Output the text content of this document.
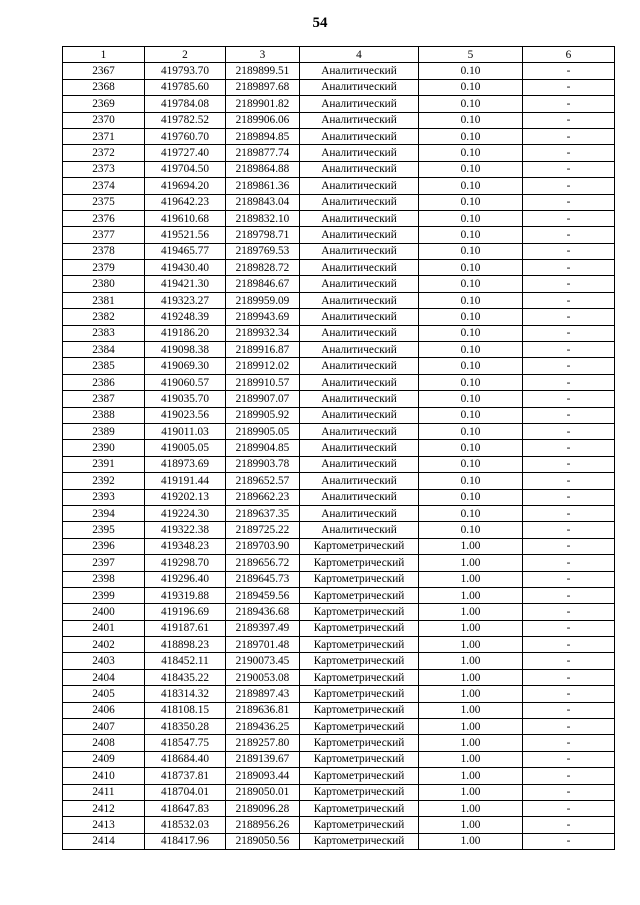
54
1	2	3	4	5	6
2367	419793.70	2189899.51	Аналитический	0.10	-
2368	419785.60	2189897.68	Аналитический	0.10	-
2369	419784.08	2189901.82	Аналитический	0.10	-
2370	419782.52	2189906.06	Аналитический	0.10	-
2371	419760.70	2189894.85	Аналитический	0.10	-
2372	419727.40	2189877.74	Аналитический	0.10	-
2373	419704.50	2189864.88	Аналитический	0.10	-
2374	419694.20	2189861.36	Аналитический	0.10	-
2375	419642.23	2189843.04	Аналитический	0.10	-
2376	419610.68	2189832.10	Аналитический	0.10	-
2377	419521.56	2189798.71	Аналитический	0.10	-
2378	419465.77	2189769.53	Аналитический	0.10	-
2379	419430.40	2189828.72	Аналитический	0.10	-
2380	419421.30	2189846.67	Аналитический	0.10	-
2381	419323.27	2189959.09	Аналитический	0.10	-
2382	419248.39	2189943.69	Аналитический	0.10	-
2383	419186.20	2189932.34	Аналитический	0.10	-
2384	419098.38	2189916.87	Аналитический	0.10	-
2385	419069.30	2189912.02	Аналитический	0.10	-
2386	419060.57	2189910.57	Аналитический	0.10	-
2387	419035.70	2189907.07	Аналитический	0.10	-
2388	419023.56	2189905.92	Аналитический	0.10	-
2389	419011.03	2189905.05	Аналитический	0.10	-
2390	419005.05	2189904.85	Аналитический	0.10	-
2391	418973.69	2189903.78	Аналитический	0.10	-
2392	419191.44	2189652.57	Аналитический	0.10	-
2393	419202.13	2189662.23	Аналитический	0.10	-
2394	419224.30	2189637.35	Аналитический	0.10	-
2395	419322.38	2189725.22	Аналитический	0.10	-
2396	419348.23	2189703.90	Картометрический	1.00	-
2397	419298.70	2189656.72	Картометрический	1.00	-
2398	419296.40	2189645.73	Картометрический	1.00	-
2399	419319.88	2189459.56	Картометрический	1.00	-
2400	419196.69	2189436.68	Картометрический	1.00	-
2401	419187.61	2189397.49	Картометрический	1.00	-
2402	418898.23	2189701.48	Картометрический	1.00	-
2403	418452.11	2190073.45	Картометрический	1.00	-
2404	418435.22	2190053.08	Картометрический	1.00	-
2405	418314.32	2189897.43	Картометрический	1.00	-
2406	418108.15	2189636.81	Картометрический	1.00	-
2407	418350.28	2189436.25	Картометрический	1.00	-
2408	418547.75	2189257.80	Картометрический	1.00	-
2409	418684.40	2189139.67	Картометрический	1.00	-
2410	418737.81	2189093.44	Картометрический	1.00	-
2411	418704.01	2189050.01	Картометрический	1.00	-
2412	418647.83	2189096.28	Картометрический	1.00	-
2413	418532.03	2188956.26	Картометрический	1.00	-
2414	418417.96	2189050.56	Картометрический	1.00	-
